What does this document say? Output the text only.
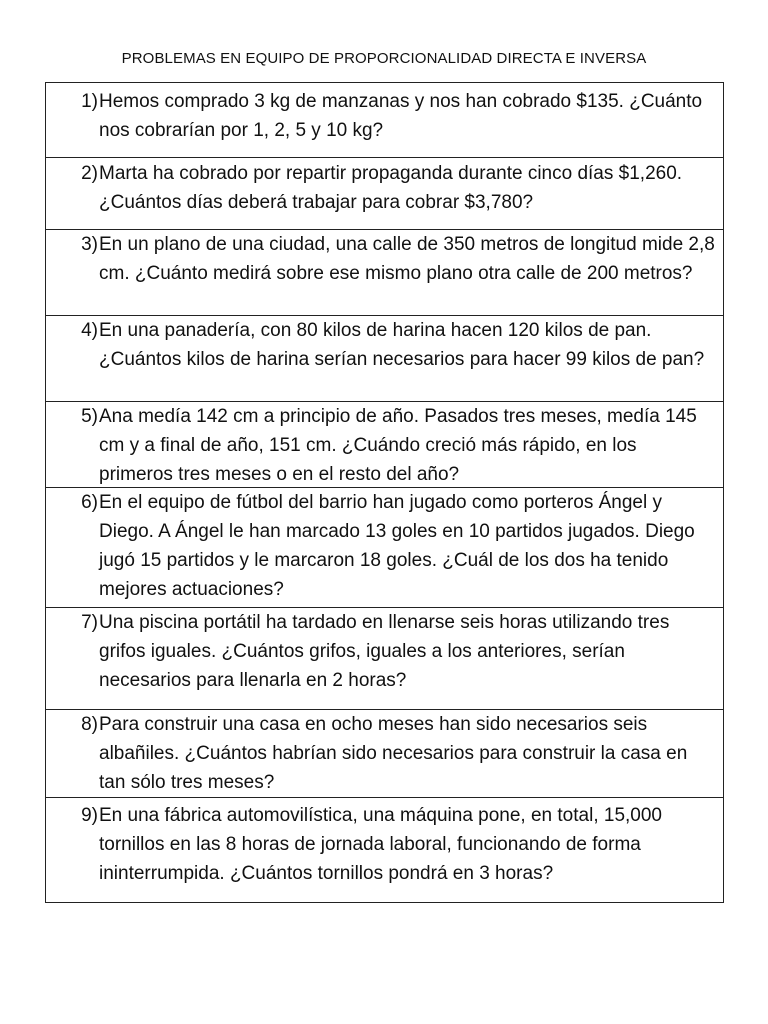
PROBLEMAS EN EQUIPO DE PROPORCIONALIDAD DIRECTA E INVERSA
1) Hemos comprado 3 kg de manzanas y nos han cobrado $135. ¿Cuánto nos cobrarían por 1, 2, 5 y 10 kg?
2) Marta ha cobrado por repartir propaganda durante cinco días $1,260. ¿Cuántos días deberá trabajar para cobrar $3,780?
3) En un plano de una ciudad, una calle de 350 metros de longitud mide 2,8 cm. ¿Cuánto medirá sobre ese mismo plano otra calle de 200 metros?
4) En una panadería, con 80 kilos de harina hacen 120 kilos de pan. ¿Cuántos kilos de harina serían necesarios para hacer 99 kilos de pan?
5) Ana medía 142 cm a principio de año. Pasados tres meses, medía 145 cm y a final de año, 151 cm. ¿Cuándo creció más rápido, en los primeros tres meses o en el resto del año?
6) En el equipo de fútbol del barrio han jugado como porteros Ángel y Diego. A Ángel le han marcado 13 goles en 10 partidos jugados. Diego jugó 15 partidos y le marcaron 18 goles. ¿Cuál de los dos ha tenido mejores actuaciones?
7) Una piscina portátil ha tardado en llenarse seis horas utilizando tres grifos iguales. ¿Cuántos grifos, iguales a los anteriores, serían necesarios para llenarla en 2 horas?
8) Para construir una casa en ocho meses han sido necesarios seis albañiles. ¿Cuántos habrían sido necesarios para construir la casa en tan sólo tres meses?
9) En una fábrica automovilística, una máquina pone, en total, 15,000 tornillos en las 8 horas de jornada laboral, funcionando de forma ininterrumpida. ¿Cuántos tornillos pondrá en 3 horas?
